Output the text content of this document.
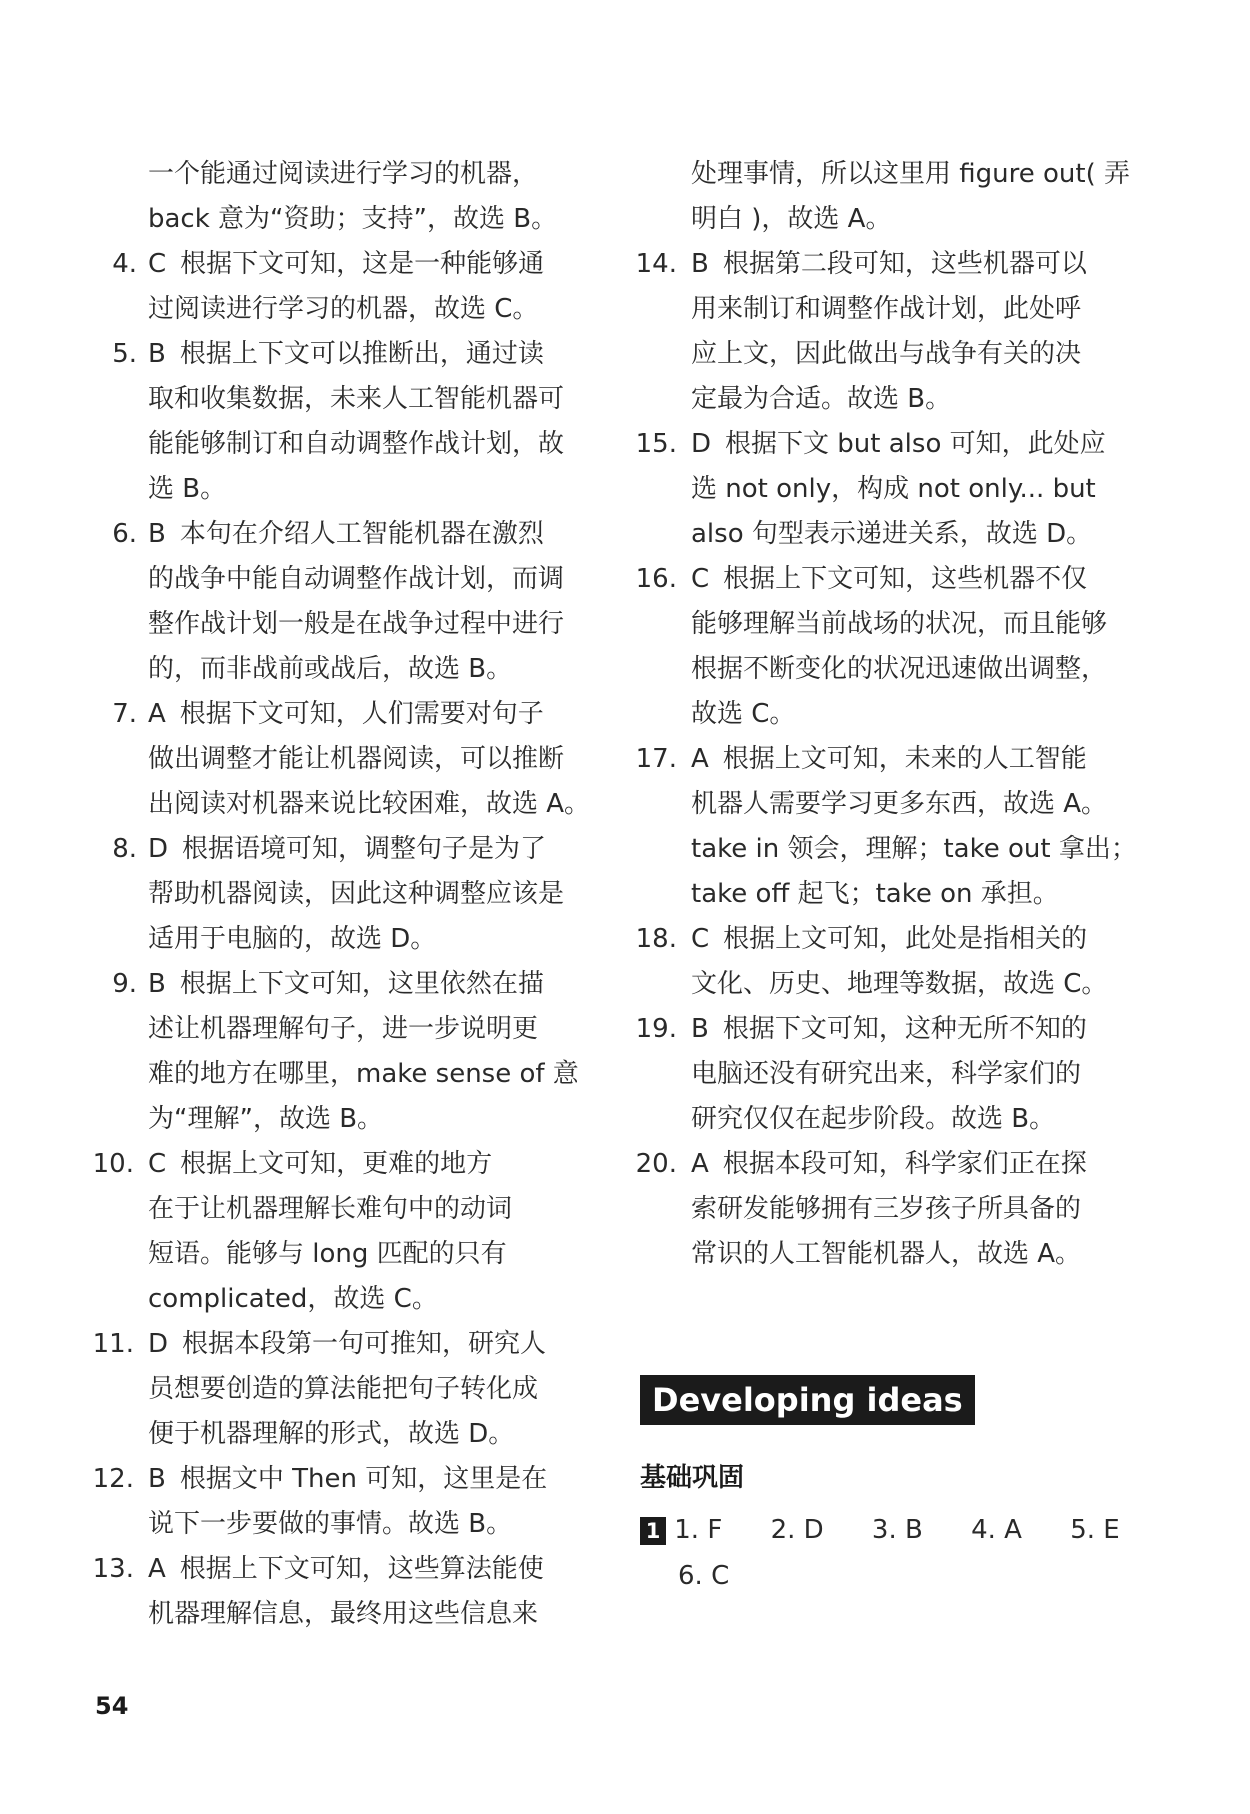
一个能通过阅读进行学习的机器，
back 意为“资助；支持”，故选 B。
4. C 根据下文可知，这是一种能够通
过阅读进行学习的机器，故选 C。
5. B 根据上下文可以推断出，通过读
取和收集数据，未来人工智能机器可
能能够制订和自动调整作战计划，故
选 B。
6. B 本句在介绍人工智能机器在激烈
的战争中能自动调整作战计划，而调
整作战计划一般是在战争过程中进行
的，而非战前或战后，故选 B。
7. A 根据下文可知，人们需要对句子
做出调整才能让机器阅读，可以推断
出阅读对机器来说比较困难，故选 A。
8. D 根据语境可知，调整句子是为了
帮助机器阅读，因此这种调整应该是
适用于电脑的，故选 D。
9. B 根据上下文可知，这里依然在描
述让机器理解句子，进一步说明更
难的地方在哪里，make sense of 意
为“理解”，故选 B。
10. C 根据上文可知，更难的地方
在于让机器理解长难句中的动词
短语。能够与 long 匹配的只有
complicated，故选 C。
11. D 根据本段第一句可推知，研究人
员想要创造的算法能把句子转化成
便于机器理解的形式，故选 D。
12. B 根据文中 Then 可知，这里是在
说下一步要做的事情。故选 B。
13. A 根据上下文可知，这些算法能使
机器理解信息，最终用这些信息来
处理事情，所以这里用 figure out( 弄
明白 )，故选 A。
14. B 根据第二段可知，这些机器可以
用来制订和调整作战计划，此处呼
应上文，因此做出与战争有关的决
定最为合适。故选 B。
15. D 根据下文 but also 可知，此处应
选 not only，构成 not only... but
also 句型表示递进关系，故选 D。
16. C 根据上下文可知，这些机器不仅
能够理解当前战场的状况，而且能够
根据不断变化的状况迅速做出调整，
故选 C。
17. A 根据上文可知，未来的人工智能
机器人需要学习更多东西，故选 A。
take in 领会，理解；take out 拿出；
take off 起飞；take on 承担。
18. C 根据上文可知，此处是指相关的
文化、历史、地理等数据，故选 C。
19. B 根据下文可知，这种无所不知的
电脑还没有研究出来，科学家们的
研究仅仅在起步阶段。故选 B。
20. A 根据本段可知，科学家们正在探
索研发能够拥有三岁孩子所具备的
常识的人工智能机器人，故选 A。
Developing ideas
基础巩固
1 1. F 2. D 3. B 4. A 5. E
6. C
54
